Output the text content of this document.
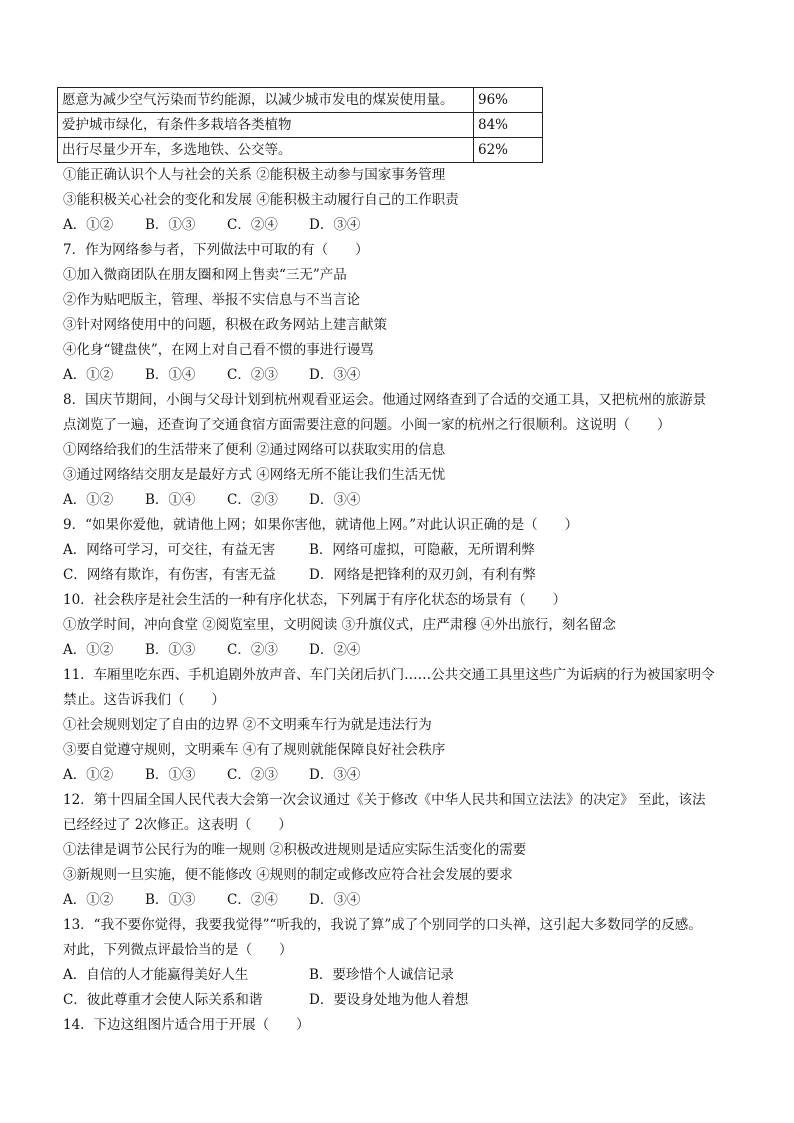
愿意为减少空气污染而节约能源，以减少城市发电的煤炭使用量。	96%
爱护城市绿化，有条件多栽培各类植物	84%
出行尽量少开车，多选地铁、公交等。	62%
①能正确认识个人与社会的关系 ②能积极主动参与国家事务管理
③能积极关心社会的变化和发展 ④能积极主动履行自己的工作职责
A．①②	B．①③	C．②④	D．③④
7．作为网络参与者，下列做法中可取的有（　　）
①加入微商团队在朋友圈和网上售卖“三无”产品
②作为贴吧版主，管理、举报不实信息与不当言论
③针对网络使用中的问题，积极在政务网站上建言献策
④化身“键盘侠”，在网上对自己看不惯的事进行谩骂
A．①②	B．①④	C．②③	D．③④
8．国庆节期间，小闽与父母计划到杭州观看亚运会。他通过网络查到了合适的交通工具，又把杭州的旅游景
点浏览了一遍，还查询了交通食宿方面需要注意的问题。小闽一家的杭州之行很顺利。这说明（　　）
①网络给我们的生活带来了便利 ②通过网络可以获取实用的信息
③通过网络结交朋友是最好方式 ④网络无所不能让我们生活无忧
A．①②	B．①④	C．②③	D．③④
9．“如果你爱他，就请他上网；如果你害他，就请他上网。”对此认识正确的是（　　）
A．网络可学习，可交往，有益无害	B．网络可虚拟，可隐蔽，无所谓利弊
C．网络有欺诈，有伤害，有害无益	D．网络是把锋利的双刃剑，有利有弊
10．社会秩序是社会生活的一种有序化状态，下列属于有序化状态的场景有（　　）
①放学时间，冲向食堂 ②阅览室里，文明阅读 ③升旗仪式，庄严肃穆 ④外出旅行，刻名留念
A．①②	B．①③	C．②③	D．②④
11．车厢里吃东西、手机追剧外放声音、车门关闭后扒门……公共交通工具里这些广为诟病的行为被国家明令
禁止。这告诉我们（　　）
①社会规则划定了自由的边界 ②不文明乘车行为就是违法行为
③要自觉遵守规则，文明乘车 ④有了规则就能保障良好社会秩序
A．①②	B．①③	C．②③	D．③④
12．第十四届全国人民代表大会第一次会议通过《关于修改《中华人民共和国立法法》的决定》 至此，该法
已经经过了 2次修正。这表明（　　）
①法律是调节公民行为的唯一规则 ②积极改进规则是适应实际生活变化的需要
③新规则一旦实施，便不能修改 ④规则的制定或修改应符合社会发展的要求
A．①②	B．①③	C．②④	D．③④
13．“我不要你觉得，我要我觉得”“听我的，我说了算”成了个别同学的口头禅，这引起大多数同学的反感。
对此，下列微点评最恰当的是（　　）
A．自信的人才能赢得美好人生	B．要珍惜个人诚信记录
C．彼此尊重才会使人际关系和谐	D．要设身处地为他人着想
14．下边这组图片适合用于开展（　　）
